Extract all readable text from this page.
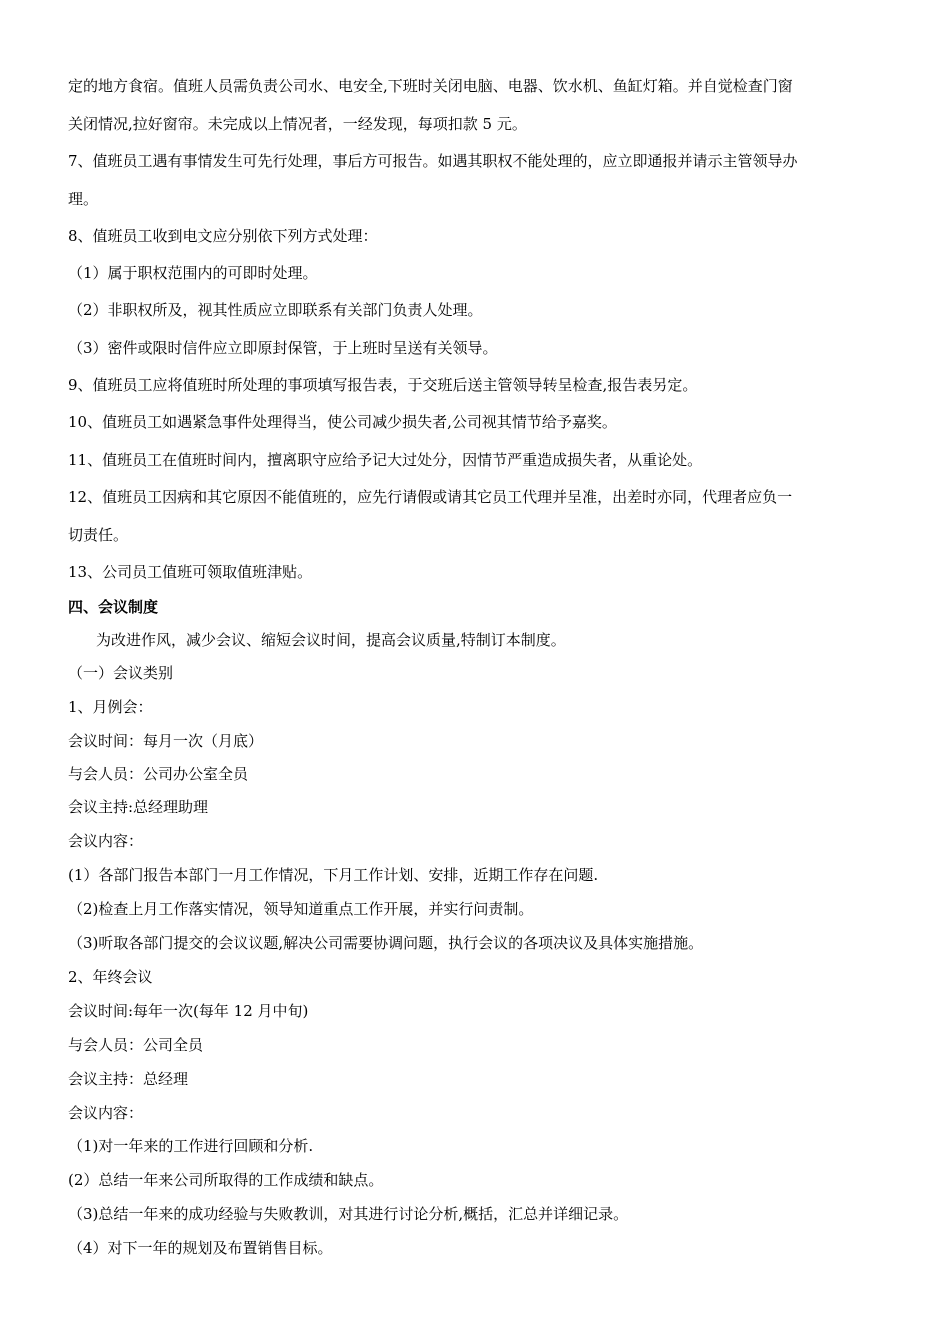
定的地方食宿。值班人员需负责公司水、电安全,下班时关闭电脑、电器、饮水机、鱼缸灯箱。并自觉检查门窗
关闭情况,拉好窗帘。未完成以上情况者，一经发现，每项扣款 5 元。
7、值班员工遇有事情发生可先行处理，事后方可报告。如遇其职权不能处理的，应立即通报并请示主管领导办
理。
8、值班员工收到电文应分别依下列方式处理：
（1）属于职权范围内的可即时处理。
（2）非职权所及，视其性质应立即联系有关部门负责人处理。
（3）密件或限时信件应立即原封保管，于上班时呈送有关领导。
9、值班员工应将值班时所处理的事项填写报告表，于交班后送主管领导转呈检查,报告表另定。
10、值班员工如遇紧急事件处理得当，使公司减少损失者,公司视其情节给予嘉奖。
11、值班员工在值班时间内，擅离职守应给予记大过处分，因情节严重造成损失者，从重论处。
12、值班员工因病和其它原因不能值班的，应先行请假或请其它员工代理并呈准，出差时亦同，代理者应负一
切责任。
13、公司员工值班可领取值班津贴。
四、会议制度
为改进作风，减少会议、缩短会议时间，提高会议质量,特制订本制度。
（一）会议类别
1、月例会：
会议时间：每月一次（月底）
与会人员：公司办公室全员
会议主持:总经理助理
会议内容：
(1）各部门报告本部门一月工作情况，下月工作计划、安排，近期工作存在问题.
（2)检查上月工作落实情况，领导知道重点工作开展，并实行问责制。
（3)听取各部门提交的会议议题,解决公司需要协调问题，执行会议的各项决议及具体实施措施。
2、年终会议
会议时间:每年一次(每年 12 月中旬)
与会人员：公司全员
会议主持：总经理
会议内容：
（1)对一年来的工作进行回顾和分析.
(2）总结一年来公司所取得的工作成绩和缺点。
（3)总结一年来的成功经验与失败教训，对其进行讨论分析,概括，汇总并详细记录。
（4）对下一年的规划及布置销售目标。
